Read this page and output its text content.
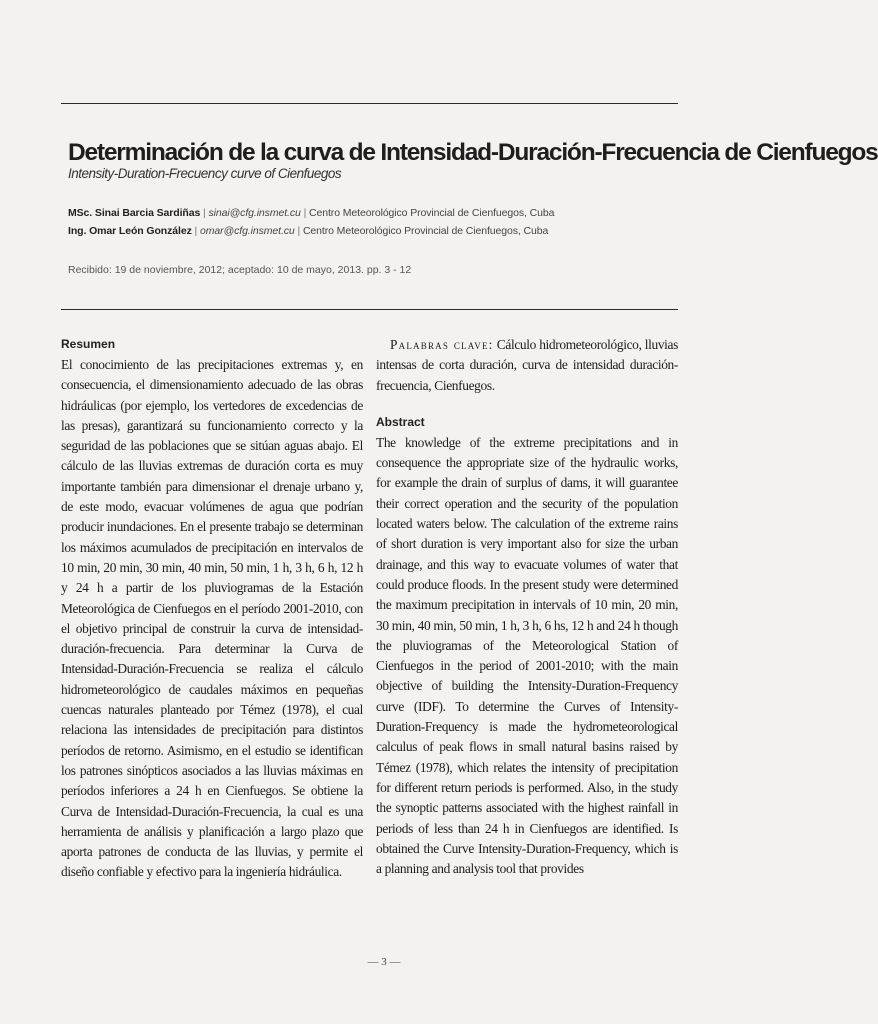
Determinación de la curva de Intensidad-Duración-Frecuencia de Cienfuegos
Intensity-Duration-Frecuency curve of Cienfuegos
MSc. Sinai Barcia Sardiñas | sinai@cfg.insmet.cu | Centro Meteorológico Provincial de Cienfuegos, Cuba
Ing. Omar León González | omar@cfg.insmet.cu | Centro Meteorológico Provincial de Cienfuegos, Cuba
Recibido: 19 de noviembre, 2012; aceptado: 10 de mayo, 2013. pp. 3 - 12
Resumen

El conocimiento de las precipitaciones extremas y, en consecuencia, el dimensionamiento adecuado de las obras hidráulicas (por ejemplo, los vertedores de excedencias de las presas), garantizará su funcionamiento correcto y la seguridad de las poblaciones que se sitúan aguas abajo. El cálculo de las lluvias extremas de duración corta es muy importante también para dimensionar el drenaje urbano y, de este modo, evacuar volúmenes de agua que podrían producir inundaciones. En el presente trabajo se determinan los máximos acumulados de precipitación en intervalos de 10 min, 20 min, 30 min, 40 min, 50 min, 1 h, 3 h, 6 h, 12 h y 24 h a partir de los pluviogramas de la Estación Meteorológica de Cienfuegos en el período 2001-2010, con el objetivo principal de construir la curva de intensidad-duración-frecuencia. Para determinar la Curva de Intensidad-Duración-Frecuencia se realiza el cálculo hidrometeorológico de caudales máximos en pequeñas cuencas naturales planteado por Témez (1978), el cual relaciona las intensidades de precipitación para distintos períodos de retorno. Asimismo, en el estudio se identifican los patrones sinópticos asociados a las lluvias máximas en períodos inferiores a 24 h en Cienfuegos. Se obtiene la Curva de Intensidad-Duración-Frecuencia, la cual es una herramienta de análisis y planificación a largo plazo que aporta patrones de conducta de las lluvias, y permite el diseño confiable y efectivo para la ingeniería hidráulica.

Palabras clave: Cálculo hidrometeorológico, lluvias intensas de corta duración, curva de intensidad duración-frecuencia, Cienfuegos.

Abstract

The knowledge of the extreme precipitations and in consequence the appropriate size of the hydraulic works, for example the drain of surplus of dams, it will guarantee their correct operation and the security of the population located waters below. The calculation of the extreme rains of short duration is very important also for size the urban drainage, and this way to evacuate volumes of water that could produce floods. In the present study were determined the maximum precipitation in intervals of 10 min, 20 min, 30 min, 40 min, 50 min, 1 h, 3 h, 6 hs, 12 h and 24 h though the pluviogramas of the Meteorological Station of Cienfuegos in the period of 2001-2010; with the main objective of building the Intensity-Duration-Frequency curve (IDF). To determine the Curves of Intensity-Duration-Frequency is made the hydrometeorological calculus of peak flows in small natural basins raised by Témez (1978), which relates the intensity of precipitation for different return periods is performed. Also, in the study the synoptic patterns associated with the highest rainfall in periods of less than 24 h in Cienfuegos are identified. Is obtained the Curve Intensity-Duration-Frequency, which is a planning and analysis tool that provides

— 3 —
